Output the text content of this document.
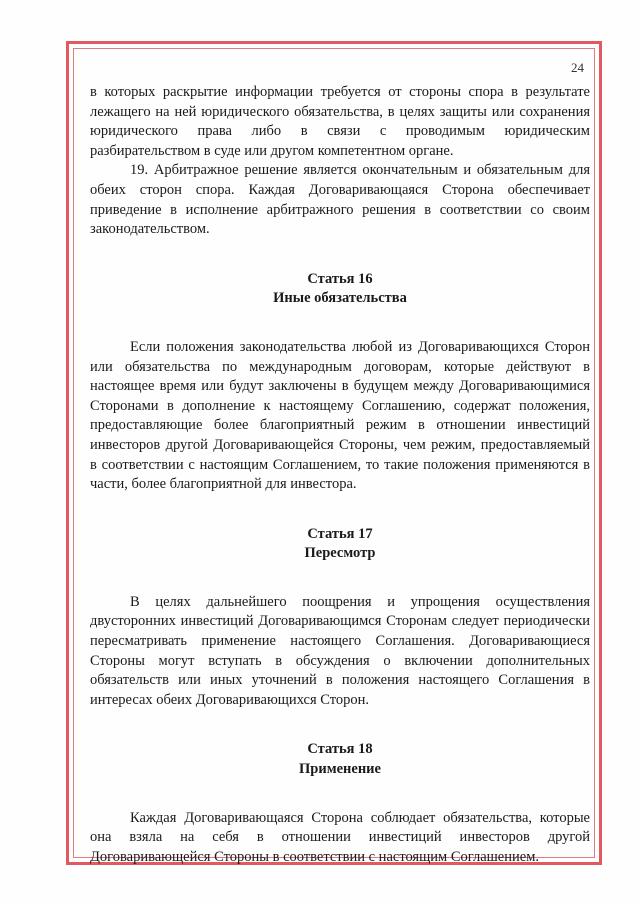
24

в которых раскрытие информации требуется от стороны спора в результате лежащего на ней юридического обязательства, в целях защиты или сохранения юридического права либо в связи с проводимым юридическим разбирательством в суде или другом компетентном органе.

19. Арбитражное решение является окончательным и обязательным для обеих сторон спора. Каждая Договаривающаяся Сторона обеспечивает приведение в исполнение арбитражного решения в соответствии со своим законодательством.

Статья 16

Иные обязательства

Если положения законодательства любой из Договаривающихся Сторон или обязательства по международным договорам, которые действуют в настоящее время или будут заключены в будущем между Договаривающимися Сторонами в дополнение к настоящему Соглашению, содержат положения, предоставляющие более благоприятный режим в отношении инвестиций инвесторов другой Договаривающейся Стороны, чем режим, предоставляемый в соответствии с настоящим Соглашением, то такие положения применяются в части, более благоприятной для инвестора.

Статья 17

Пересмотр

В целях дальнейшего поощрения и упрощения осуществления двусторонних инвестиций Договаривающимся Сторонам следует периодически пересматривать применение настоящего Соглашения. Договаривающиеся Стороны могут вступать в обсуждения о включении дополнительных обязательств или иных уточнений в положения настоящего Соглашения в интересах обеих Договаривающихся Сторон.

Статья 18

Применение

Каждая Договаривающаяся Сторона соблюдает обязательства, которые она взяла на себя в отношении инвестиций инвесторов другой Договаривающейся Стороны в соответствии с настоящим Соглашением.
